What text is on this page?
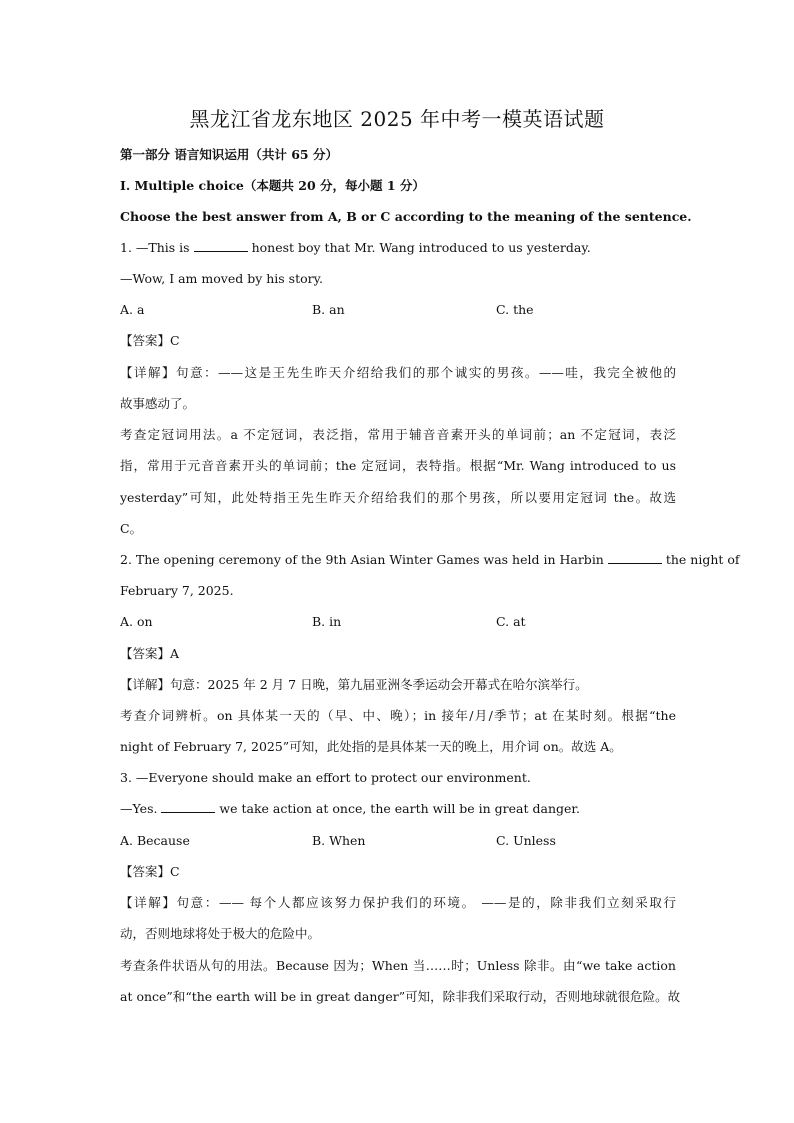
黑龙江省龙东地区 2025 年中考一模英语试题
第一部分 语言知识运用（共计 65 分）
Ⅰ. Multiple choice（本题共 20 分，每小题 1 分）
Choose the best answer from A, B or C according to the meaning of the sentence.
1. —This is	honest boy that Mr. Wang introduced to us yesterday.
—Wow, I am moved by his story.
A. a	B. an	C. the
【答案】C
【详解】句意：——这是王先生昨天介绍给我们的那个诚实的男孩。——哇，我完全被他的
故事感动了。
考查定冠词用法。a 不定冠词，表泛指，常用于辅音音素开头的单词前；an 不定冠词，表泛
指，常用于元音音素开头的单词前；the 定冠词，表特指。根据“Mr. Wang introduced to us
yesterday”可知，此处特指王先生昨天介绍给我们的那个男孩，所以要用定冠词 the。故选
C。
2. The opening ceremony of the 9th Asian Winter Games was held in Harbin	the night of
February 7, 2025.
A. on	B. in	C. at
【答案】A
【详解】句意：2025 年 2 月 7 日晚，第九届亚洲冬季运动会开幕式在哈尔滨举行。
考查介词辨析。on 具体某一天的（早、中、晚）；in 接年/月/季节；at 在某时刻。根据“the
night of February 7, 2025”可知，此处指的是具体某一天的晚上，用介词 on。故选 A。
3. —Everyone should make an effort to protect our environment.
—Yes.	we take action at once, the earth will be in great danger.
A. Because	B. When	C. Unless
【答案】C
【详解】句意：—— 每个人都应该努力保护我们的环境。 ——是的，除非我们立刻采取行
动，否则地球将处于极大的危险中。
考查条件状语从句的用法。Because 因为；When 当……时；Unless 除非。由“we take action
at once”和“the earth will be in great danger”可知，除非我们采取行动，否则地球就很危险。故
